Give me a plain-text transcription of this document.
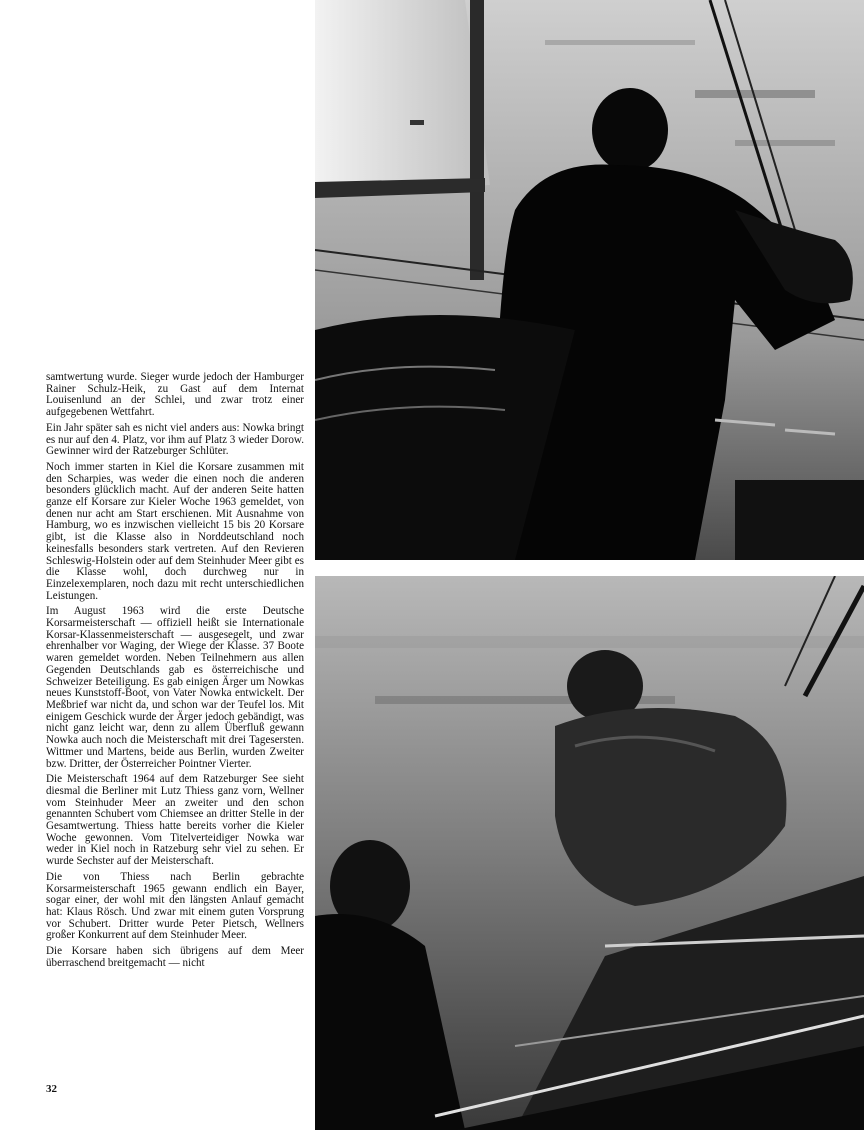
samtwertung wurde. Sieger wurde jedoch der Hamburger Rainer Schulz-Heik, zu Gast auf dem Internat Louisenlund an der Schlei, und zwar trotz einer aufgegebenen Wettfahrt.

Ein Jahr später sah es nicht viel anders aus: Nowka bringt es nur auf den 4. Platz, vor ihm auf Platz 3 wieder Dorow. Gewinner wird der Ratzeburger Schlüter.

Noch immer starten in Kiel die Korsare zusammen mit den Scharpies, was weder die einen noch die anderen besonders glücklich macht. Auf der anderen Seite hatten ganze elf Korsare zur Kieler Woche 1963 gemeldet, von denen nur acht am Start erschienen. Mit Ausnahme von Hamburg, wo es inzwischen vielleicht 15 bis 20 Korsare gibt, ist die Klasse also in Norddeutschland noch keinesfalls besonders stark vertreten. Auf den Revieren Schleswig-Holstein oder auf dem Steinhuder Meer gibt es die Klasse wohl, doch durchweg nur in Einzelexemplaren, noch dazu mit recht unterschiedlichen Leistungen.

Im August 1963 wird die erste Deutsche Korsarmeisterschaft — offiziell heißt sie Internationale Korsar-Klassenmeisterschaft — ausgesegelt, und zwar ehrenhalber vor Waging, der Wiege der Klasse. 37 Boote waren gemeldet worden. Neben Teilnehmern aus allen Gegenden Deutschlands gab es österreichische und Schweizer Beteiligung. Es gab einigen Ärger um Nowkas neues Kunststoff-Boot, von Vater Nowka entwickelt. Der Meßbrief war nicht da, und schon war der Teufel los. Mit einigem Geschick wurde der Ärger jedoch gebändigt, was nicht ganz leicht war, denn zu allem Überfluß gewann Nowka auch noch die Meisterschaft mit drei Tagesersten. Wittmer und Martens, beide aus Berlin, wurden Zweiter bzw. Dritter, der Österreicher Pointner Vierter.

Die Meisterschaft 1964 auf dem Ratzeburger See sieht diesmal die Berliner mit Lutz Thiess ganz vorn, Wellner vom Steinhuder Meer an zweiter und den schon genannten Schubert vom Chiemsee an dritter Stelle in der Gesamtwertung. Thiess hatte bereits vorher die Kieler Woche gewonnen. Vom Titelverteidiger Nowka war weder in Kiel noch in Ratzeburg sehr viel zu sehen. Er wurde Sechster auf der Meisterschaft.

Die von Thiess nach Berlin gebrachte Korsarmeisterschaft 1965 gewann endlich ein Bayer, sogar einer, der wohl mit den längsten Anlauf gemacht hat: Klaus Rösch. Und zwar mit einem guten Vorsprung vor Schubert. Dritter wurde Peter Pietsch, Wellners großer Konkurrent auf dem Steinhuder Meer.

Die Korsare haben sich übrigens auf dem Meer überraschend breitgemacht — nicht

32
